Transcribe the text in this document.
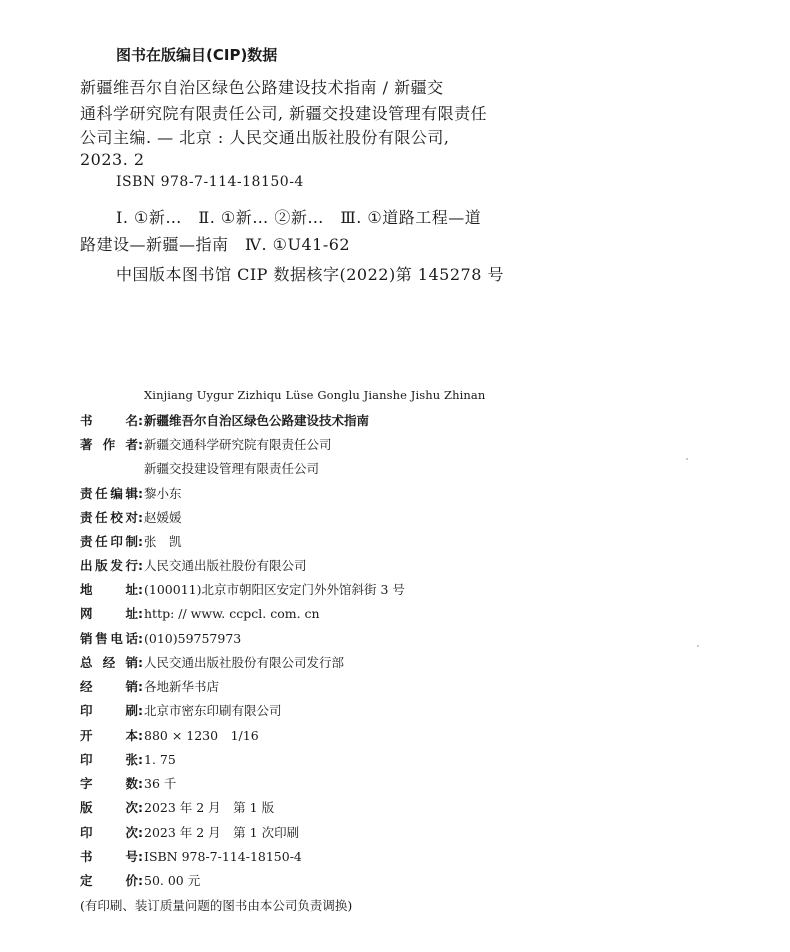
图书在版编目(CIP)数据
新疆维吾尔自治区绿色公路建设技术指南 / 新疆交
通科学研究院有限责任公司, 新疆交投建设管理有限责任
公司主编. — 北京 : 人民交通出版社股份有限公司,
2023. 2
ISBN 978-7-114-18150-4
Ⅰ. ①新…　Ⅱ. ①新… ②新…　Ⅲ. ①道路工程—道
路建设—新疆—指南　Ⅳ. ①U41-62
中国版本图书馆 CIP 数据核字(2022)第 145278 号
Xinjiang Uygur Zizhiqu Lüse Gonglu Jianshe Jishu Zhinan
书　名 : 新疆维吾尔自治区绿色公路建设技术指南
著 作 者 : 新疆交通科学研究院有限责任公司
新疆交投建设管理有限责任公司
责任编辑 : 黎小东
责任校对 : 赵媛媛
责任印制 : 张　凯
出版发行 : 人民交通出版社股份有限公司
地　址 : (100011)北京市朝阳区安定门外外馆斜街 3 号
网　址 : http: // www. ccpcl. com. cn
销售电话 : (010)59757973
总 经 销 : 人民交通出版社股份有限公司发行部
经　销 : 各地新华书店
印　刷 : 北京市密东印刷有限公司
开　本 : 880 × 1230　1/16
印　张 : 1. 75
字　数 : 36 千
版　次 : 2023 年 2 月　第 1 版
印　次 : 2023 年 2 月　第 1 次印刷
书　号 : ISBN 978-7-114-18150-4
定　价 : 50. 00 元
(有印刷、装订质量问题的图书由本公司负责调换)
